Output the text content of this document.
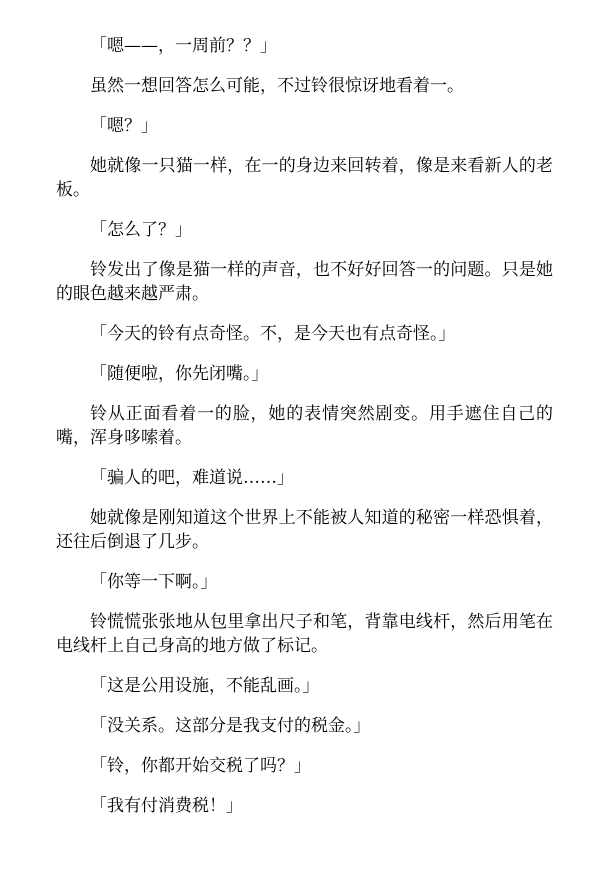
「嗯——，一周前？？」

虽然一想回答怎么可能，不过铃很惊讶地看着一。

「嗯？」

她就像一只猫一样，在一的身边来回转着，像是来看新人的老板。

「怎么了？」

铃发出了像是猫一样的声音，也不好好回答一的问题。只是她的眼色越来越严肃。

「今天的铃有点奇怪。不，是今天也有点奇怪。」

「随便啦，你先闭嘴。」

铃从正面看着一的脸，她的表情突然剧变。用手遮住自己的嘴，浑身哆嗦着。

「骗人的吧，难道说……」

她就像是刚知道这个世界上不能被人知道的秘密一样恐惧着，还往后倒退了几步。

「你等一下啊。」

铃慌慌张张地从包里拿出尺子和笔，背靠电线杆，然后用笔在电线杆上自己身高的地方做了标记。

「这是公用设施，不能乱画。」

「没关系。这部分是我支付的税金。」

「铃，你都开始交税了吗？」

「我有付消费税！」
